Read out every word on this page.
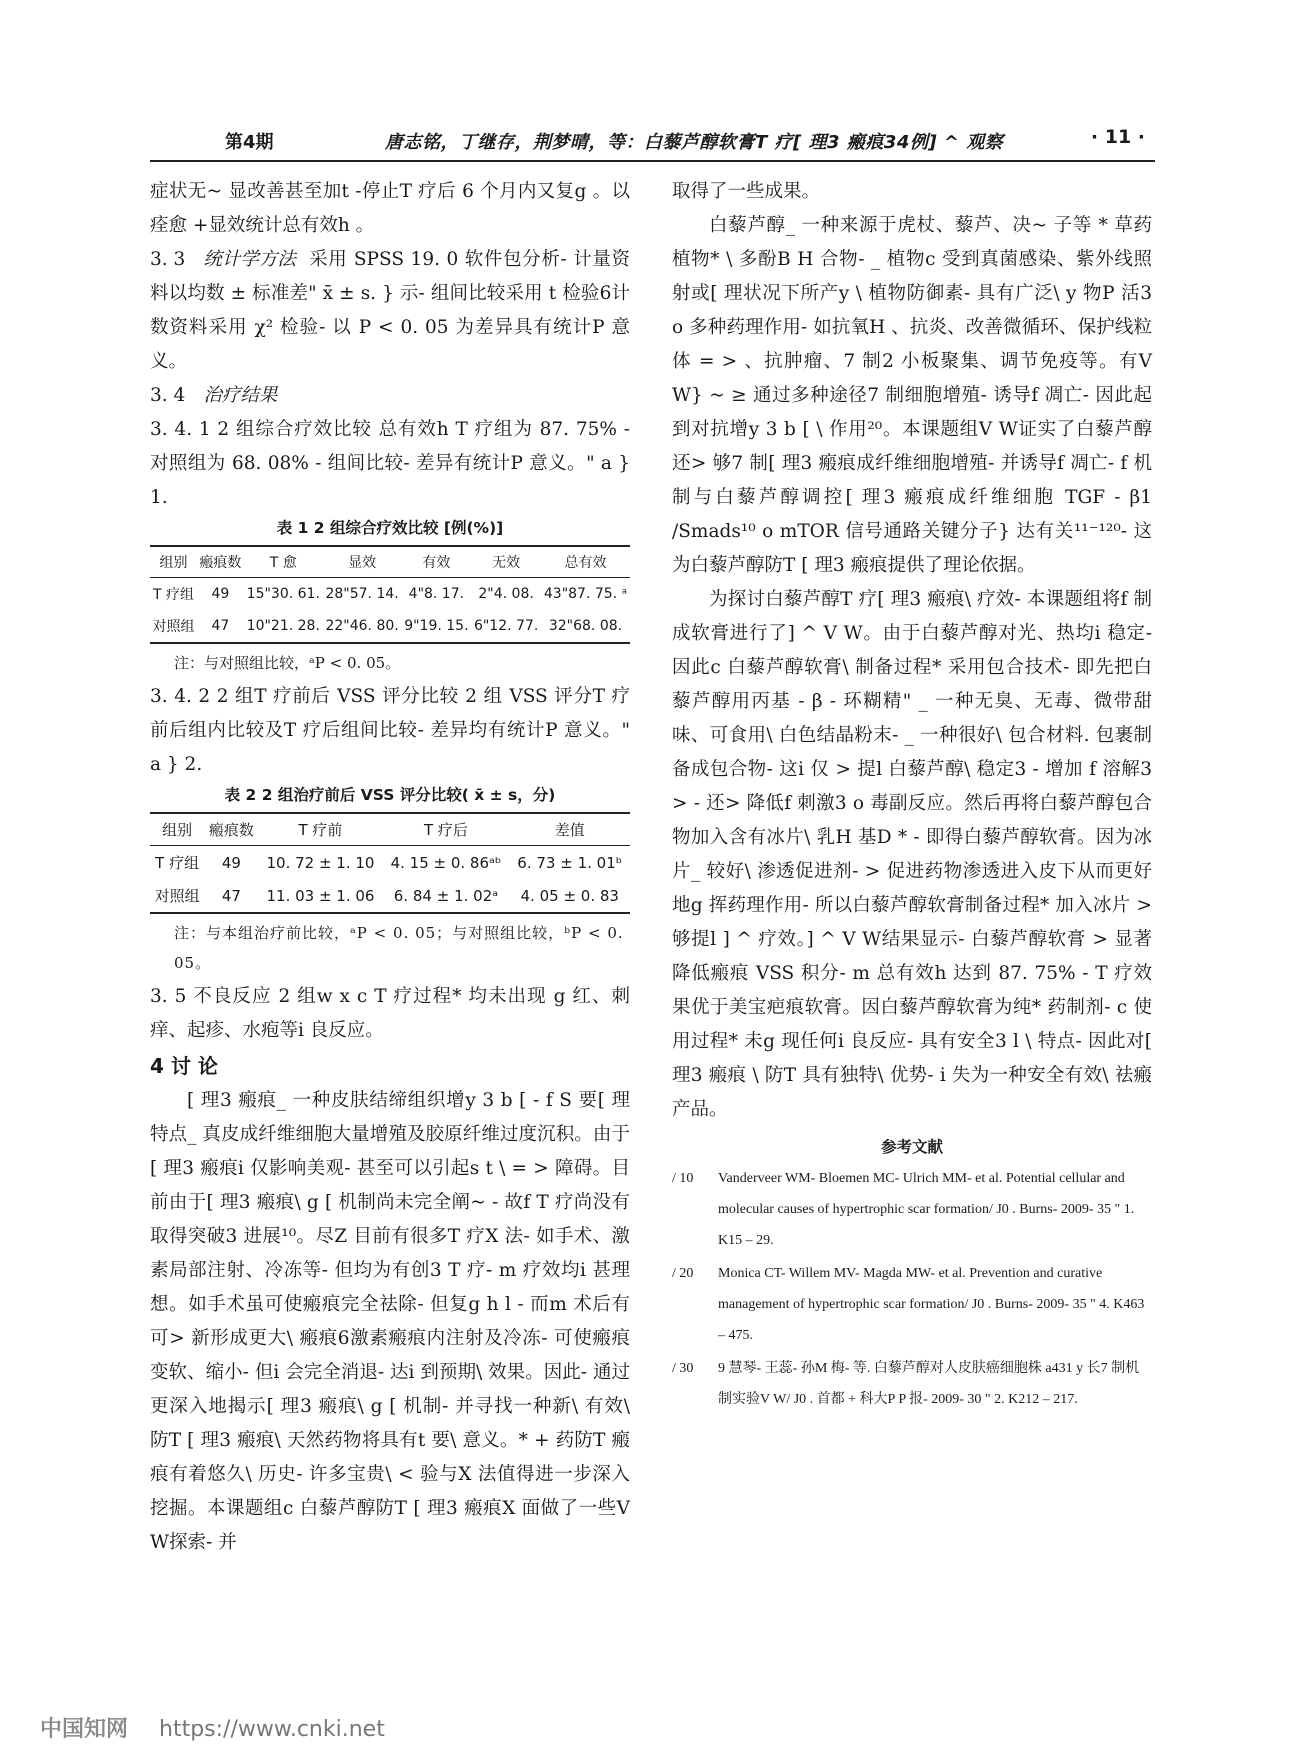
第4期	唐志铭，丁继存，荆梦晴，等：白藜芦醇软膏T 疗[ 理3 瘢痕34例] ^ 观察	· 11 ·

症状无~ 显改善甚至加t -停止T 疗后 6 个月内又复g 。以痊愈 +显效统计总有效h 。

3. 3 统计学方法 采用 SPSS 19. 0 软件包分析- 计量资料以均数 ± 标准差" x̄ ± s. } 示- 组间比较采用 t 检验6计数资料采用 χ² 检验- 以 P < 0. 05 为差异具有统计P 意义。

3. 4 治疗结果

3. 4. 1 2 组综合疗效比较 总有效h T 疗组为 87. 75% - 对照组为 68. 08% - 组间比较- 差异有统计P 意义。" a } 1.

表 1 2 组综合疗效比较 [例(%)]
组别	瘢痕数	T 愈	显效	有效	无效	总有效
T 疗组	49	15"30. 61.	28"57. 14.	4"8. 17.	2"4. 08.	43"87. 75. ᵃ
对照组	47	10"21. 28.	22"46. 80.	9"19. 15.	6"12. 77.	32"68. 08.

注：与对照组比较，ᵃP < 0. 05。

3. 4. 2 2 组T 疗前后 VSS 评分比较 2 组 VSS 评分T 疗前后组内比较及T 疗后组间比较- 差异均有统计P 意义。" a } 2.

表 2 2 组治疗前后 VSS 评分比较( x̄ ± s，分)
组别	瘢痕数	T 疗前	T 疗后	差值
T 疗组	49	10. 72 ± 1. 10	4. 15 ± 0. 86ᵃᵇ	6. 73 ± 1. 01ᵇ
对照组	47	11. 03 ± 1. 06	6. 84 ± 1. 02ᵃ	4. 05 ± 0. 83

注：与本组治疗前比较，ᵃP < 0. 05；与对照组比较，ᵇP < 0. 05。

3. 5 不良反应 2 组w x c T 疗过程* 均未出现 g 红、刺痒、起疹、水疱等i 良反应。

4 讨 论

[ 理3 瘢痕_ 一种皮肤结缔组织增y 3 b [ - f S 要[ 理特点_ 真皮成纤维细胞大量增殖及胶原纤维过度沉积。由于[ 理3 瘢痕i 仅影响美观- 甚至可以引起s t \ = > 障碍。目前由于[ 理3 瘢痕\ g [ 机制尚未完全阐~ - 故f T 疗尚没有取得突破3 进展¹⁰。尽Z 目前有很多T 疗X 法- 如手术、激素局部注射、冷冻等- 但均为有创3 T 疗- m 疗效均i 甚理想。如手术虽可使瘢痕完全祛除- 但复g h l - 而m 术后有可> 新形成更大\ 瘢痕6激素瘢痕内注射及冷冻- 可使瘢痕变软、缩小- 但i 会完全消退- 达i 到预期\ 效果。因此- 通过更深入地揭示[ 理3 瘢痕\ g [ 机制- 并寻找一种新\ 有效\ 防T [ 理3 瘢痕\ 天然药物将具有t 要\ 意义。* + 药防T 瘢痕有着悠久\ 历史- 许多宝贵\ < 验与X 法值得进一步深入挖掘。本课题组c 白藜芦醇防T [ 理3 瘢痕X 面做了一些V W探索- 并

取得了一些成果。

白藜芦醇_ 一种来源于虎杖、藜芦、决~ 子等 * 草药植物* \ 多酚B H 合物- _ 植物c 受到真菌感染、紫外线照射或[ 理状况下所产y \ 植物防御素- 具有广泛\ y 物P 活3 o 多种药理作用- 如抗氧H 、抗炎、改善微循环、保护线粒体 = > 、抗肿瘤、7 制2 小板聚集、调节免疫等。有V W} ~ ≥ 通过多种途径7 制细胞增殖- 诱导f 凋亡- 因此起到对抗增y 3 b [ \ 作用²⁰。本课题组V W证实了白藜芦醇还> 够7 制[ 理3 瘢痕成纤维细胞增殖- 并诱导f 凋亡- f 机制与白藜芦醇调控[ 理3 瘢痕成纤维细胞 TGF - β1 /Smads¹⁰ o mTOR 信号通路关键分子} 达有关¹¹⁻¹²⁰- 这为白藜芦醇防T [ 理3 瘢痕提供了理论依据。

为探讨白藜芦醇T 疗[ 理3 瘢痕\ 疗效- 本课题组将f 制成软膏进行了] ^ V W。由于白藜芦醇对光、热均i 稳定- 因此c 白藜芦醇软膏\ 制备过程* 采用包合技术- 即先把白藜芦醇用丙基 - β - 环糊精" _ 一种无臭、无毒、微带甜味、可食用\ 白色结晶粉末- _ 一种很好\ 包合材料. 包裹制备成包合物- 这i 仅 > 提l 白藜芦醇\ 稳定3 - 增加 f 溶解3 > - 还> 降低f 刺激3 o 毒副反应。然后再将白藜芦醇包合物加入含有冰片\ 乳H 基D * - 即得白藜芦醇软膏。因为冰片_ 较好\ 渗透促进剂- > 促进药物渗透进入皮下从而更好地g 挥药理作用- 所以白藜芦醇软膏制备过程* 加入冰片 > 够提l ] ^ 疗效。] ^ V W结果显示- 白藜芦醇软膏 > 显著降低瘢痕 VSS 积分- m 总有效h 达到 87. 75% - T 疗效果优于美宝疤痕软膏。因白藜芦醇软膏为纯* 药制剂- c 使用过程* 未g 现任何i 良反应- 具有安全3 l \ 特点- 因此对[ 理3 瘢痕 \ 防T 具有独特\ 优势- i 失为一种安全有效\ 祛瘢产品。

参考文献
/ 10	Vanderveer WM- Bloemen MC- Ulrich MM- et al. Potential cellular and molecular causes of hypertrophic scar formation/ J0 . Burns- 2009- 35 " 1. K15 – 29.
/ 20	Monica CT- Willem MV- Magda MW- et al. Prevention and curative management of hypertrophic scar formation/ J0 . Burns- 2009- 35 " 4. K463 – 475.
/ 30	9 慧琴- 王蕊- 孙M 梅- 等. 白藜芦醇对人皮肤癌细胞株 a431 y 长7 制机制实验V W/ J0 . 首都 + 科大P P 报- 2009- 30 " 2. K212 – 217.
中国知网 https://www.cnki.net
